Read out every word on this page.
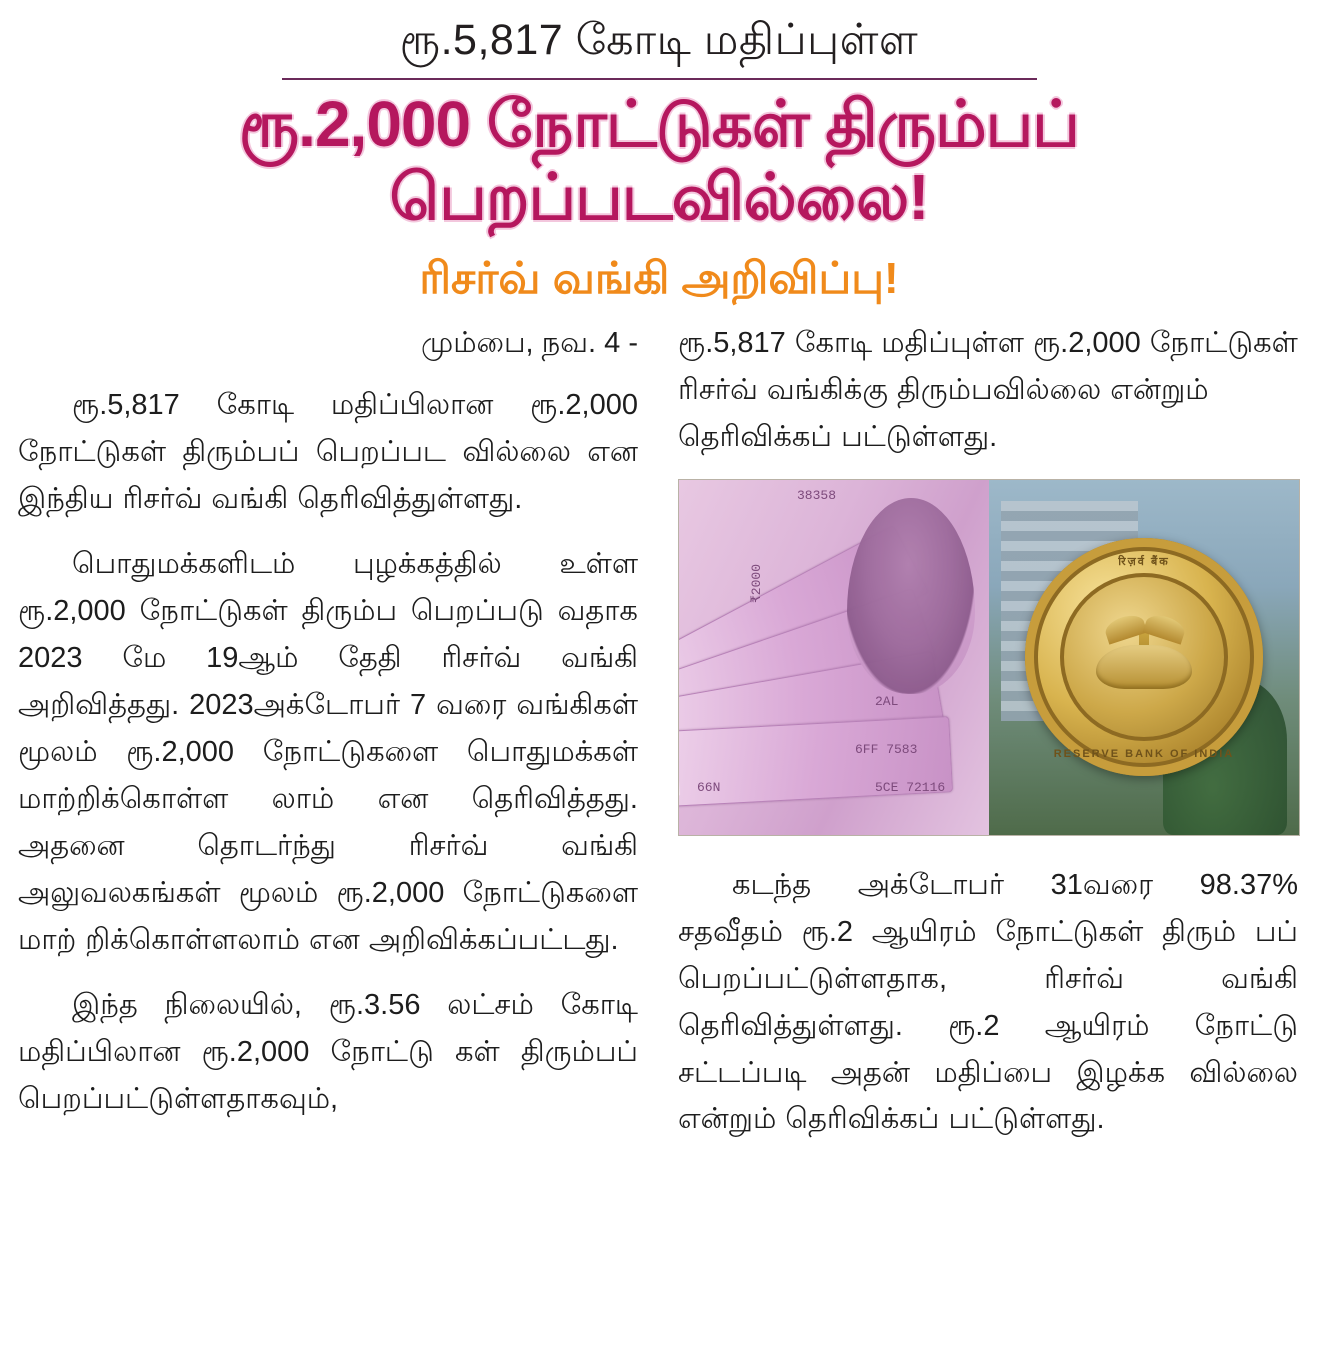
ரூ.5,817 கோடி மதிப்புள்ள
ரூ.2,000 நோட்டுகள் திரும்பப் பெறப்படவில்லை!
ரிசர்வ் வங்கி அறிவிப்பு!

மும்பை, நவ. 4 -

ரூ.5,817 கோடி மதிப்பிலான ரூ.2,000 நோட்டுகள் திரும்பப் பெறப்பட வில்லை என இந்திய ரிசர்வ் வங்கி தெரிவித்துள்ளது.

பொதுமக்களிடம் புழக்கத்தில் உள்ள ரூ.2,000 நோட்டுகள் திரும்ப பெறப்படு வதாக 2023 மே 19ஆம் தேதி ரிசர்வ் வங்கி அறிவித்தது. 2023அக்டோபர் 7 வரை வங்கிகள் மூலம் ரூ.2,000 நோட்டுகளை பொதுமக்கள் மாற்றிக்கொள்ள லாம் என தெரிவித்தது. அதனை தொடர்ந்து ரிசர்வ் வங்கி அலுவலகங்கள் மூலம் ரூ.2,000 நோட்டுகளை மாற் றிக்கொள்ளலாம் என அறிவிக்கப்பட்டது.

இந்த நிலையில், ரூ.3.56 லட்சம் கோடி மதிப்பிலான ரூ.2,000 நோட்டு கள் திரும்பப் பெறப்பட்டுள்ளதாகவும்,

ரூ.5,817 கோடி மதிப்புள்ள ரூ.2,000 நோட்டுகள் ரிசர்வ் வங்கிக்கு திரும்பவில்லை என்றும் தெரிவிக்கப் பட்டுள்ளது.

38358
66N
6FF 7583
5CE 72116
2AL
₹2000
रिज़र्व बैंक
RESERVE BANK OF INDIA

கடந்த அக்டோபர் 31வரை 98.37% சதவீதம் ரூ.2 ஆயிரம் நோட்டுகள் திரும் பப் பெறப்பட்டுள்ளதாக, ரிசர்வ் வங்கி தெரிவித்துள்ளது. ரூ.2 ஆயிரம் நோட்டு சட்டப்படி அதன் மதிப்பை இழக்க வில்லை என்றும் தெரிவிக்கப் பட்டுள்ளது.
